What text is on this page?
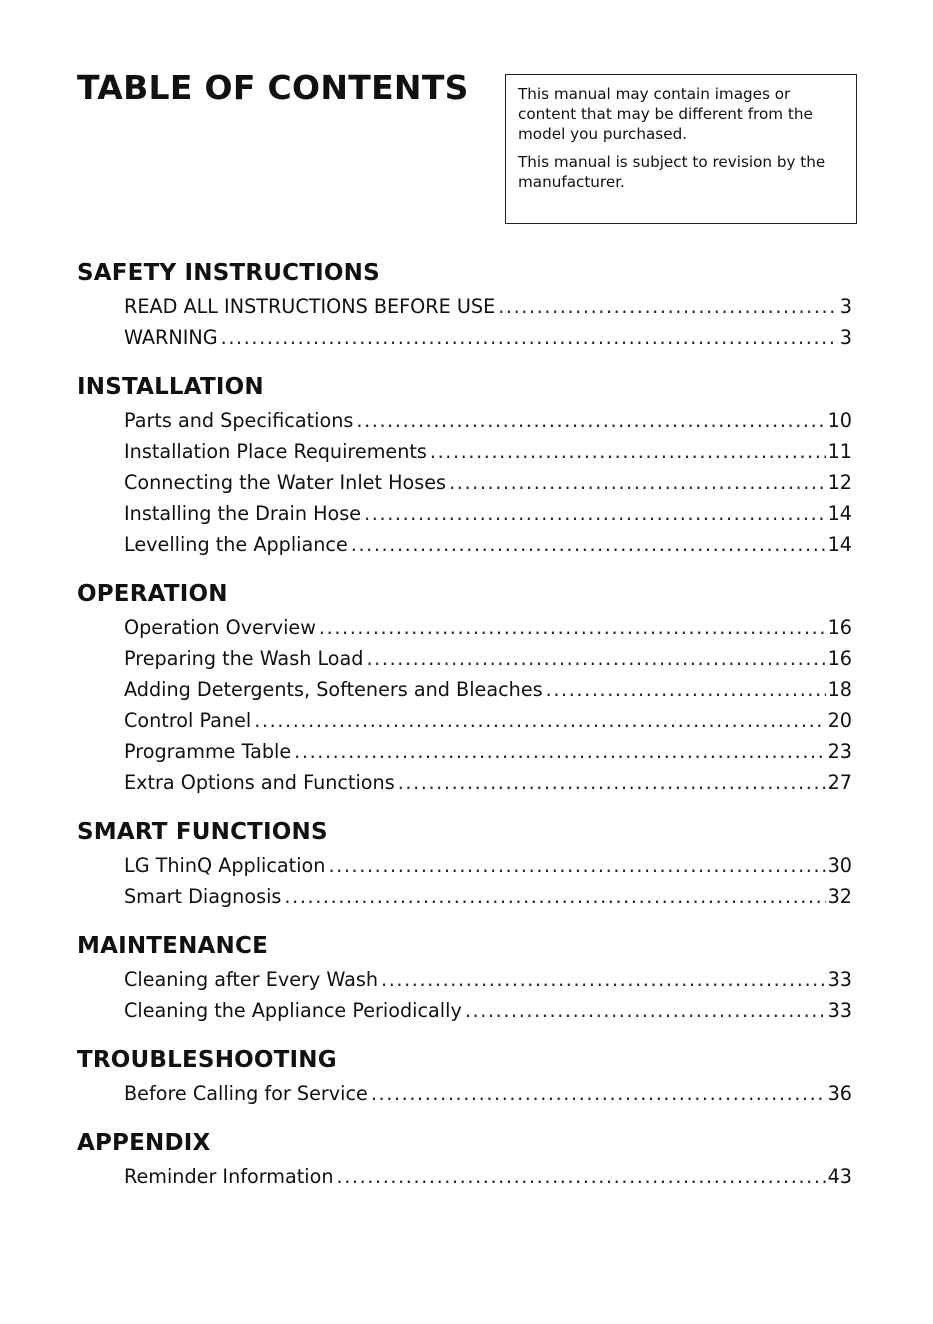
TABLE OF CONTENTS	This manual may contain images or content that may be different from the model you purchased.

This manual is subject to revision by the manufacturer.

SAFETY INSTRUCTIONS
READ ALL INSTRUCTIONS BEFORE USE .....	3
WARNING .....	3
INSTALLATION
Parts and Specifications .....	10
Installation Place Requirements .....	11
Connecting the Water Inlet Hoses .....	12
Installing the Drain Hose .....	14
Levelling the Appliance .....	14
OPERATION
Operation Overview .....	16
Preparing the Wash Load .....	16
Adding Detergents, Softeners and Bleaches .....	18
Control Panel .....	20
Programme Table .....	23
Extra Options and Functions .....	27
SMART FUNCTIONS
LG ThinQ Application .....	30
Smart Diagnosis .....	32
MAINTENANCE
Cleaning after Every Wash .....	33
Cleaning the Appliance Periodically .....	33
TROUBLESHOOTING
Before Calling for Service .....	36
APPENDIX
Reminder Information .....	43
